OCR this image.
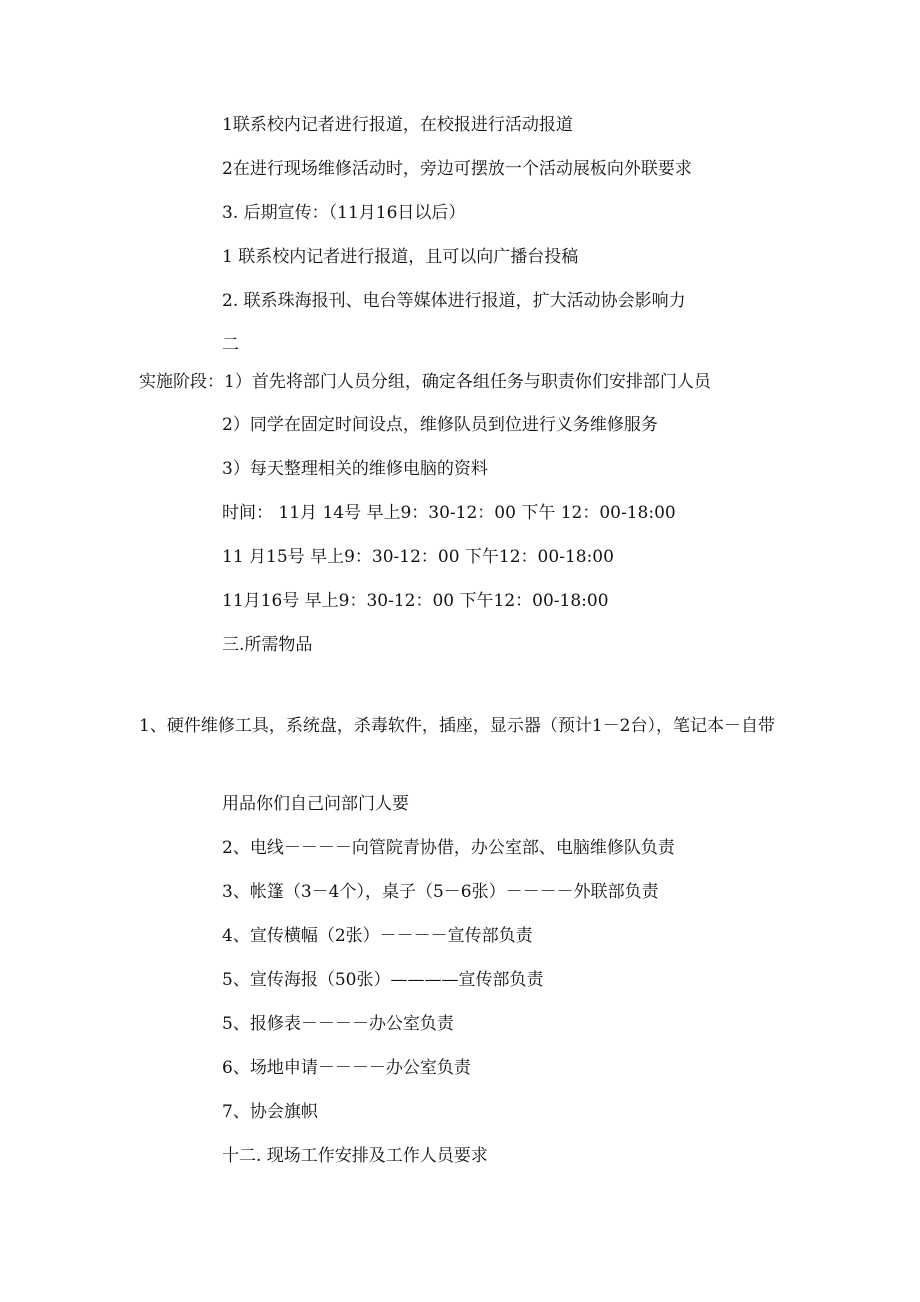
1联系校内记者进行报道，在校报进行活动报道
2在进行现场维修活动时，旁边可摆放一个活动展板向外联要求
3. 后期宣传：（11月16日以后）
1 联系校内记者进行报道，且可以向广播台投稿
2. 联系珠海报刊、电台等媒体进行报道，扩大活动协会影响力
二
实施阶段：1）首先将部门人员分组，确定各组任务与职责你们安排部门人员
2）同学在固定时间设点，维修队员到位进行义务维修服务
3）每天整理相关的维修电脑的资料
时间： 11月 14号 早上9：30-12：00 下午 12：00-18:00
11 月15号 早上9：30-12：00 下午12：00-18:00
11月16号 早上9：30-12：00 下午12：00-18:00
三.所需物品
1、硬件维修工具，系统盘，杀毒软件，插座，显示器（预计1－2台），笔记本－自带
用品你们自己问部门人要
2、电线－－－－向管院青协借，办公室部、电脑维修队负责
3、帐篷（3－4个），桌子（5－6张）－－－－外联部负责
4、宣传横幅（2张）－－－－宣传部负责
5、宣传海报（50张）————宣传部负责
5、报修表－－－－办公室负责
6、场地申请－－－－办公室负责
7、协会旗帜
十二. 现场工作安排及工作人员要求
